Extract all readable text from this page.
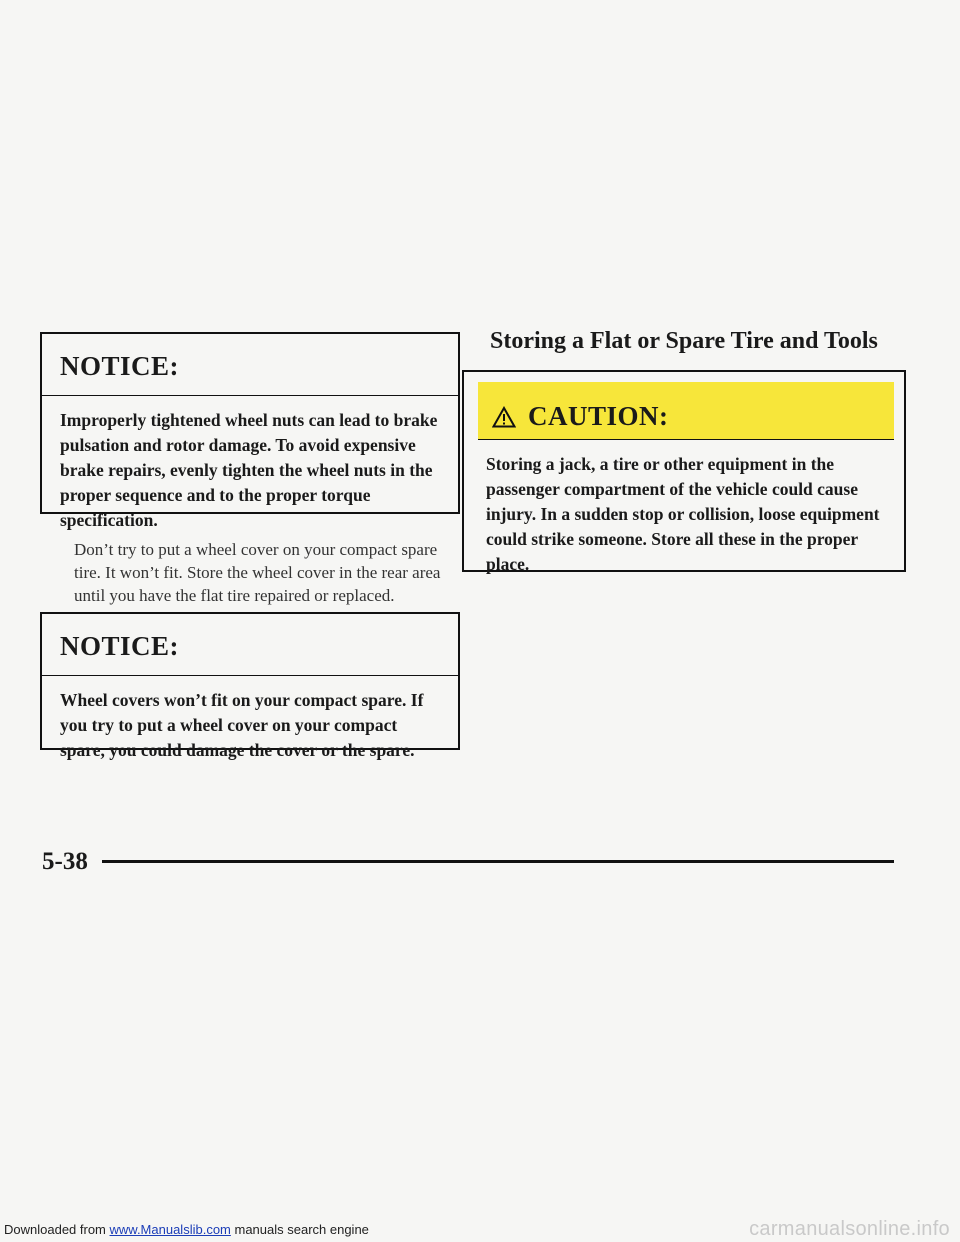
NOTICE:
Improperly tightened wheel nuts can lead to brake pulsation and rotor damage. To avoid expensive brake repairs, evenly tighten the wheel nuts in the proper sequence and to the proper torque specification.
Don’t try to put a wheel cover on your compact spare tire. It won’t fit. Store the wheel cover in the rear area until you have the flat tire repaired or replaced.
NOTICE:
Wheel covers won’t fit on your compact spare. If you try to put a wheel cover on your compact spare, you could damage the cover or the spare.
Storing a Flat or Spare Tire and Tools
CAUTION:
Storing a jack, a tire or other equipment in the passenger compartment of the vehicle could cause injury. In a sudden stop or collision, loose equipment could strike someone. Store all these in the proper place.
5-38
Downloaded from www.Manualslib.com manuals search engine	carmanualsonline.info
